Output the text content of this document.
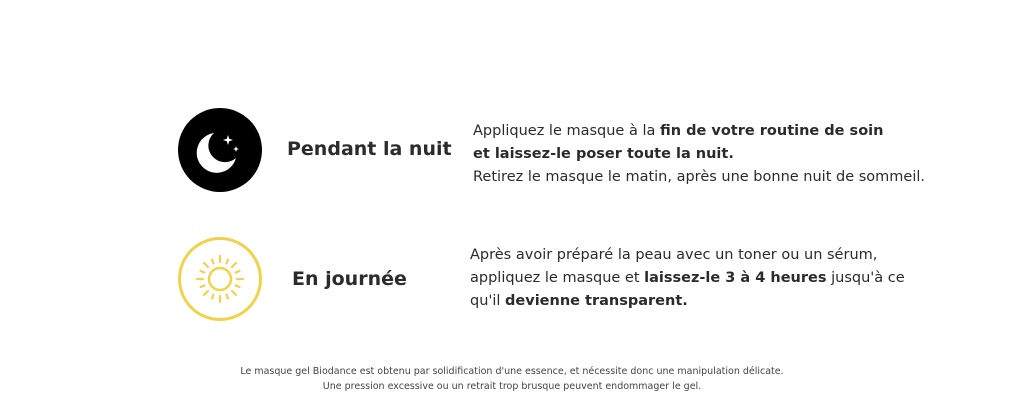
Pendant la nuit
Appliquez le masque à la fin de votre routine de soin
et laissez-le poser toute la nuit.
Retirez le masque le matin, après une bonne nuit de sommeil.
En journée
Après avoir préparé la peau avec un toner ou un sérum,
appliquez le masque et laissez-le 3 à 4 heures jusqu'à ce
qu'il devienne transparent.
Le masque gel Biodance est obtenu par solidification d'une essence, et nécessite donc une manipulation délicate.
Une pression excessive ou un retrait trop brusque peuvent endommager le gel.
